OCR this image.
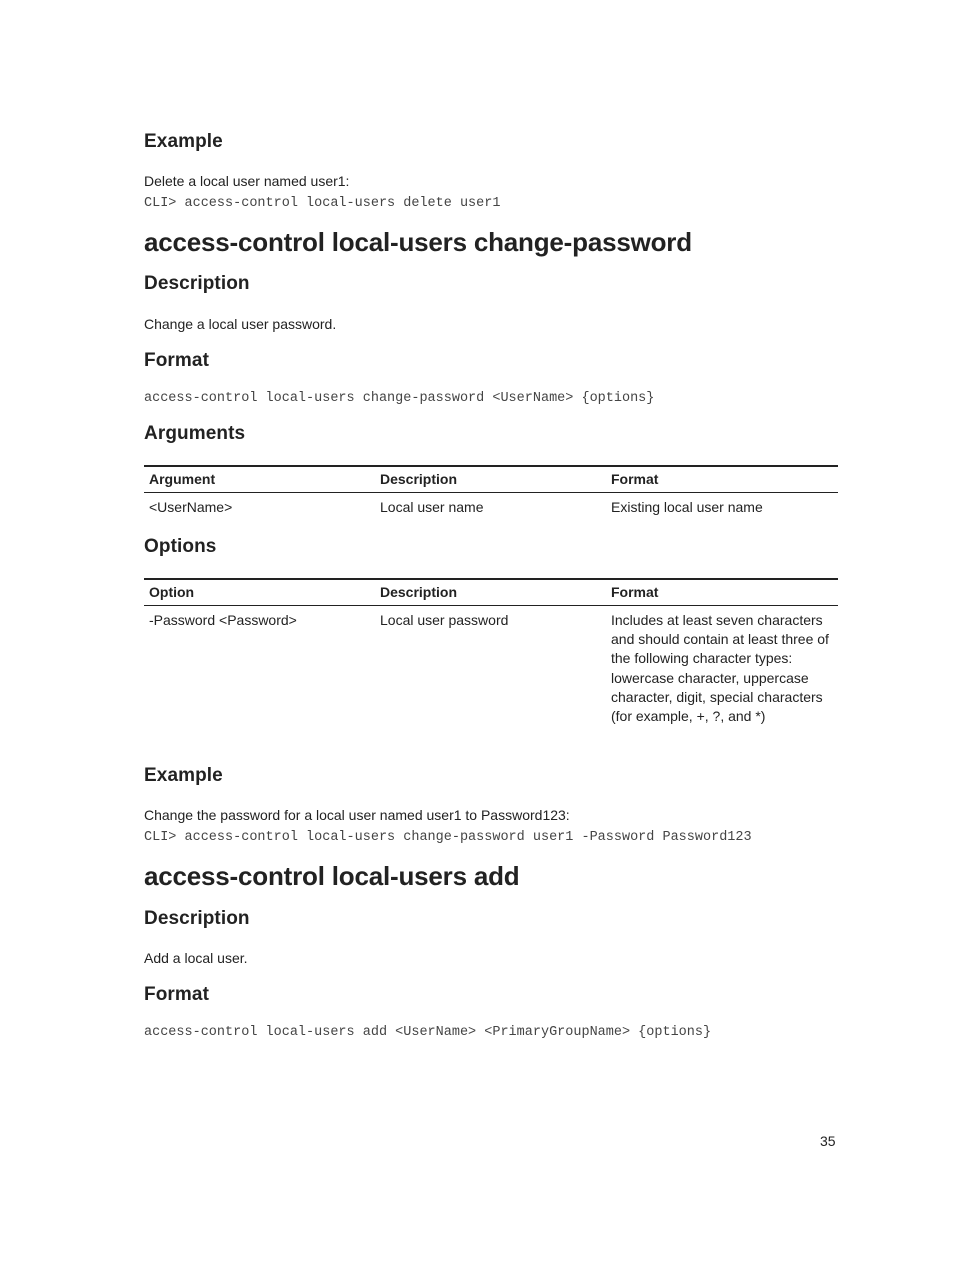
Example
Delete a local user named user1:
CLI> access-control local-users delete user1
access-control local-users change-password
Description
Change a local user password.
Format
access-control local-users change-password <UserName> {options}
Arguments
Argument	Description	Format
<UserName>	Local user name	Existing local user name
Options
Option	Description	Format
-Password <Password>	Local user password	Includes at least seven characters and should contain at least three of the following character types: lowercase character, uppercase character, digit, special characters (for example, +, ?, and *)
Example
Change the password for a local user named user1 to Password123:
CLI> access-control local-users change-password user1 -Password Password123
access-control local-users add
Description
Add a local user.
Format
access-control local-users add <UserName> <PrimaryGroupName> {options}
35
